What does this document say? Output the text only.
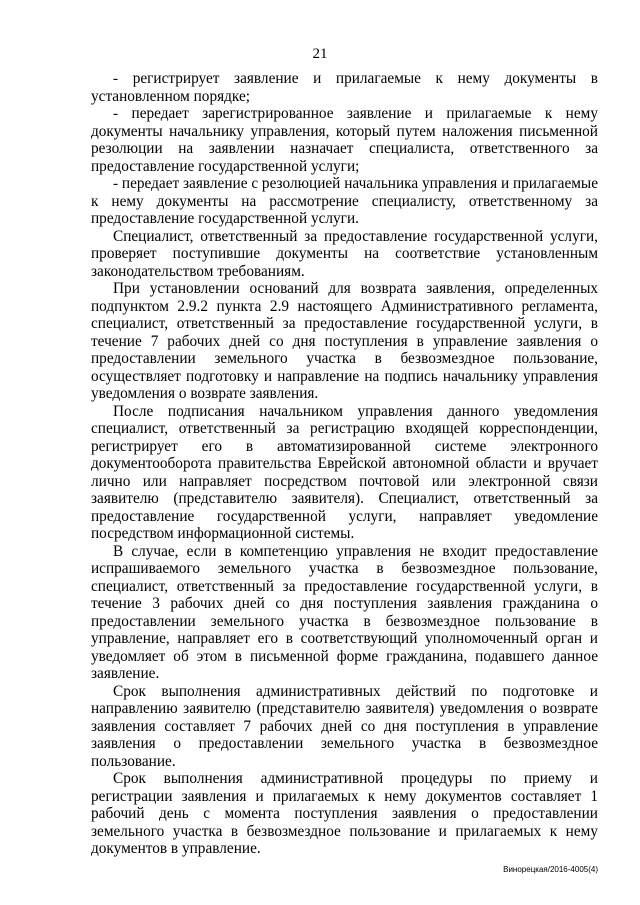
21

- регистрирует заявление и прилагаемые к нему документы в установленном порядке;

- передает зарегистрированное заявление и прилагаемые к нему документы начальнику управления, который путем наложения письменной резолюции на заявлении назначает специалиста, ответственного за предоставление государственной услуги;

- передает заявление с резолюцией начальника управления и прилагаемые к нему документы на рассмотрение специалисту, ответственному за предоставление государственной услуги.

Специалист, ответственный за предоставление государственной услуги, проверяет поступившие документы на соответствие установленным законодательством требованиям.

При установлении оснований для возврата заявления, определенных подпунктом 2.9.2 пункта 2.9 настоящего Административного регламента, специалист, ответственный за предоставление государственной услуги, в течение 7 рабочих дней со дня поступления в управление заявления о предоставлении земельного участка в безвозмездное пользование, осуществляет подготовку и направление на подпись начальнику управления уведомления о возврате заявления.

После подписания начальником управления данного уведомления специалист, ответственный за регистрацию входящей корреспонденции, регистрирует его в автоматизированной системе электронного документооборота правительства Еврейской автономной области и вручает лично или направляет посредством почтовой или электронной связи заявителю (представителю заявителя). Специалист, ответственный за предоставление государственной услуги, направляет уведомление посредством информационной системы.

В случае, если в компетенцию управления не входит предоставление испрашиваемого земельного участка в безвозмездное пользование, специалист, ответственный за предоставление государственной услуги, в течение 3 рабочих дней со дня поступления заявления гражданина о предоставлении земельного участка в безвозмездное пользование в управление, направляет его в соответствующий уполномоченный орган и уведомляет об этом в письменной форме гражданина, подавшего данное заявление.

Срок выполнения административных действий по подготовке и направлению заявителю (представителю заявителя) уведомления о возврате заявления составляет 7 рабочих дней со дня поступления в управление заявления о предоставлении земельного участка в безвозмездное пользование.

Срок выполнения административной процедуры по приему и регистрации заявления и прилагаемых к нему документов составляет 1 рабочий день с момента поступления заявления о предоставлении земельного участка в безвозмездное пользование и прилагаемых к нему документов в управление.

Винорецкая/2016-4005(4)
